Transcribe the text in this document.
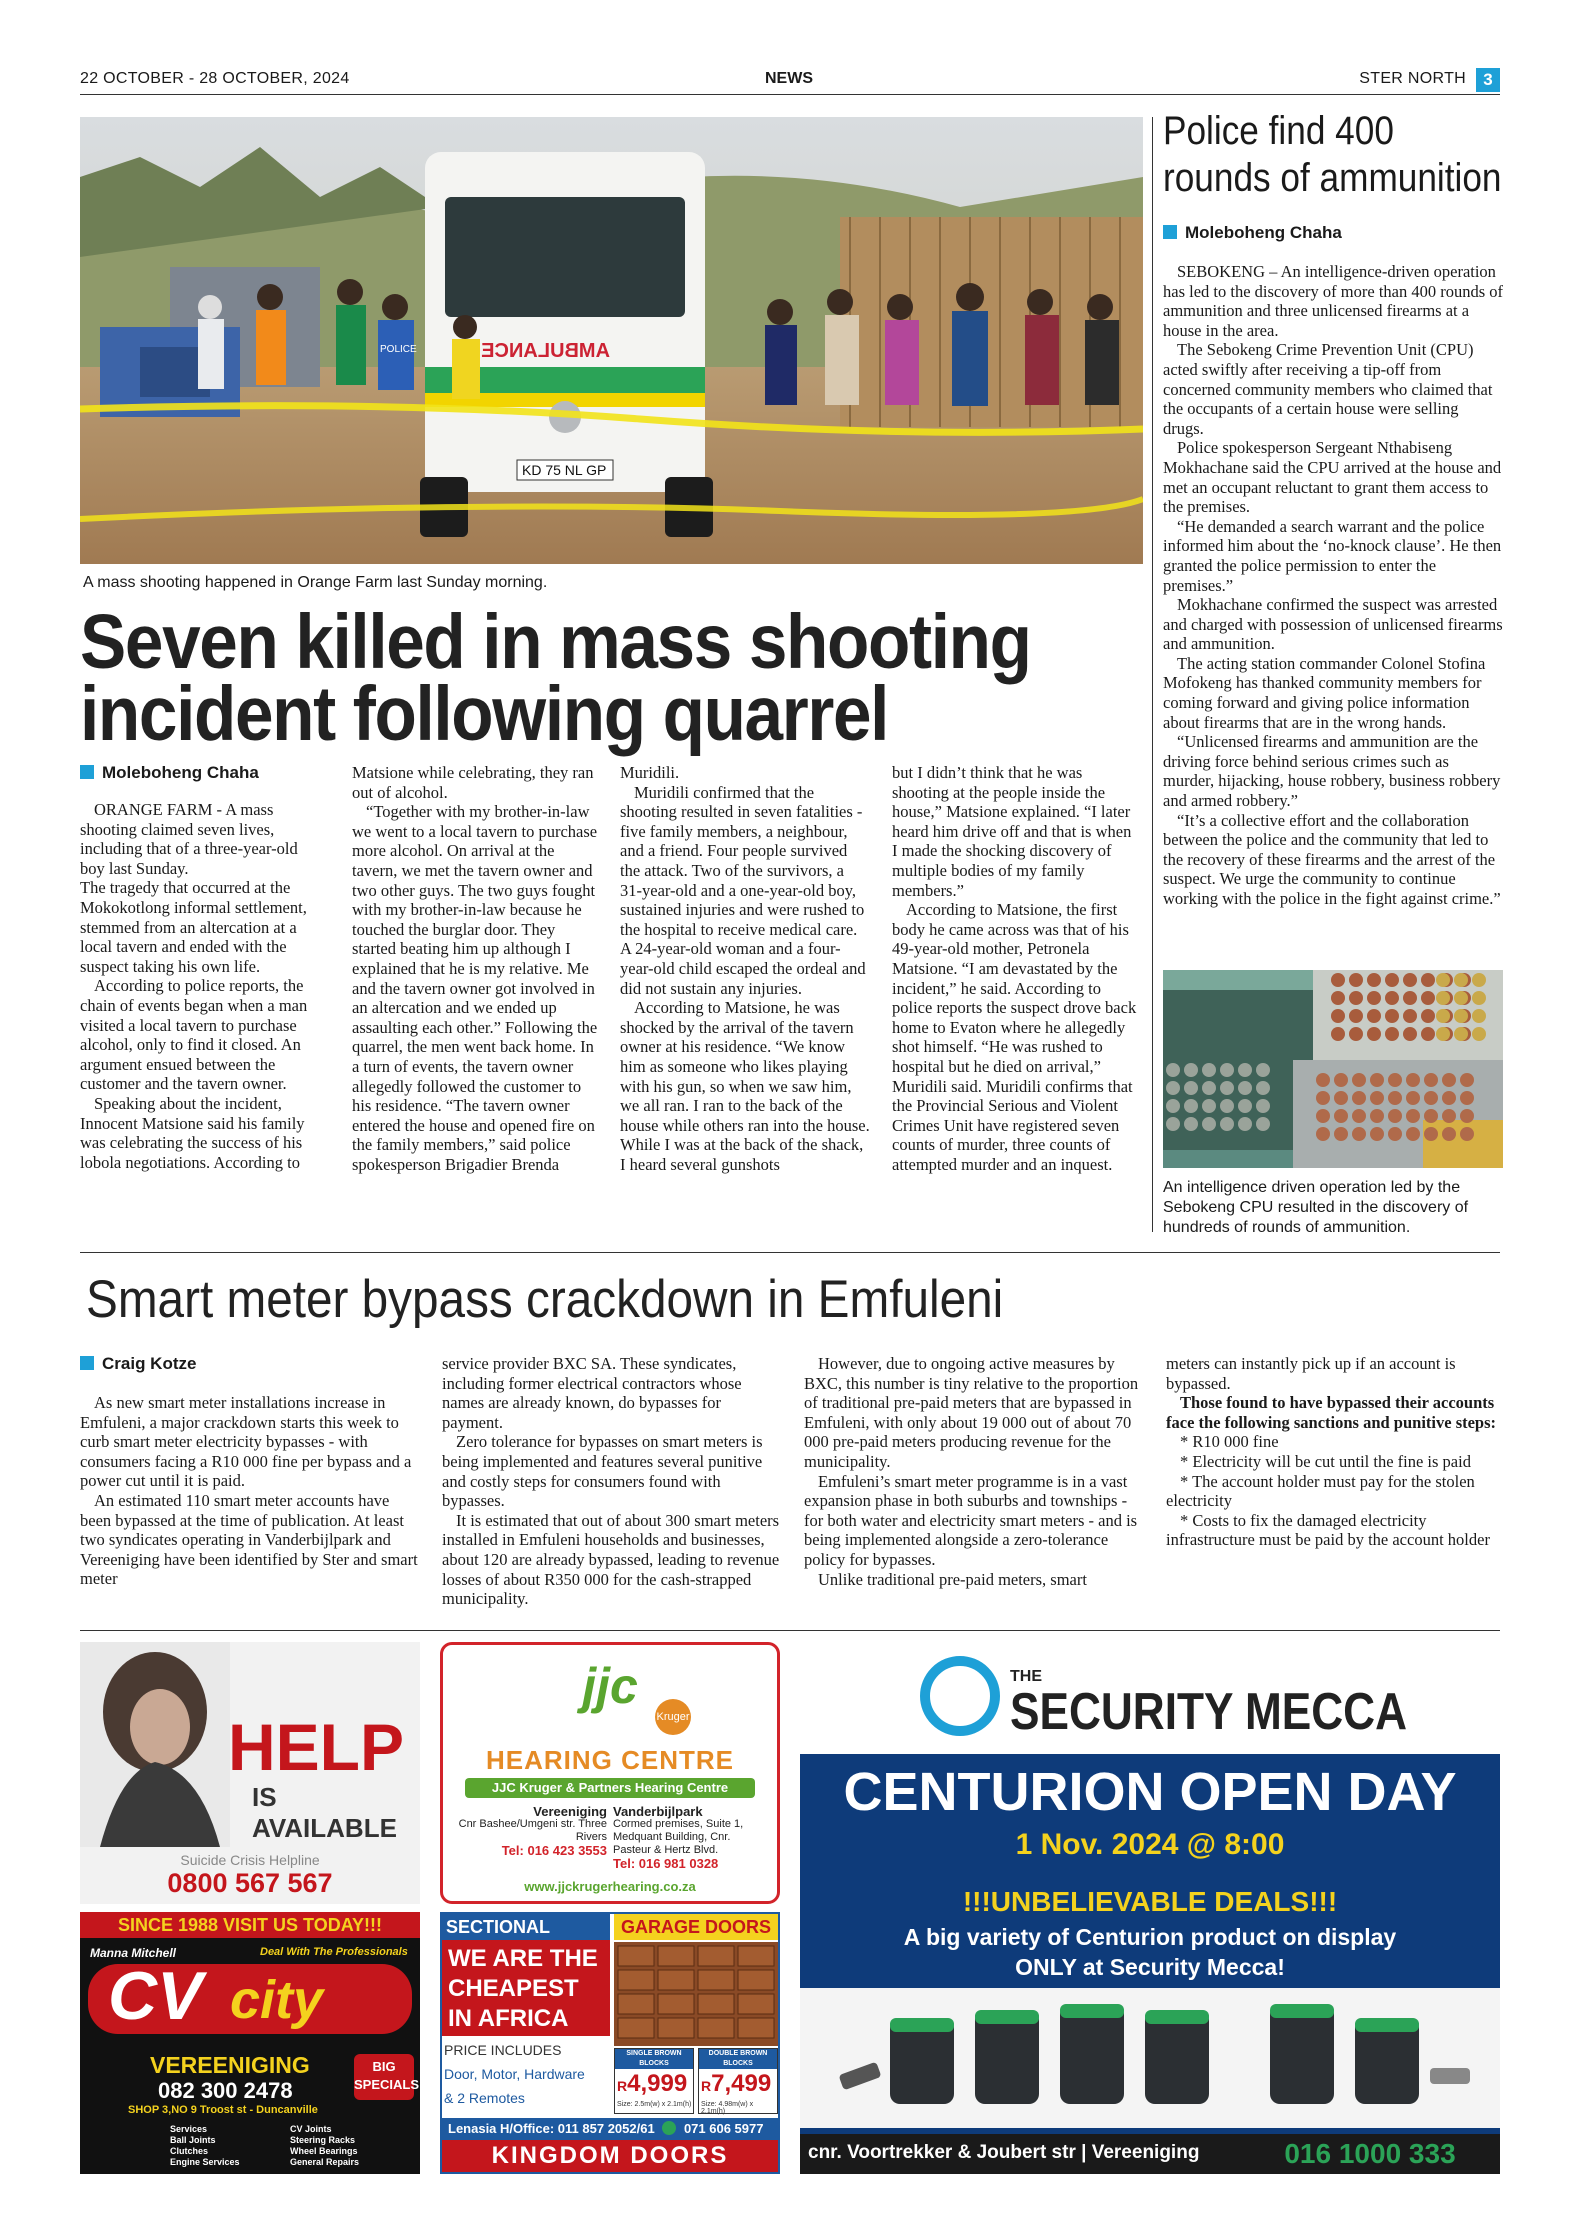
22 OCTOBER - 28 OCTOBER, 2024	NEWS	STER NORTH	3
AMBULANCE
KD 75 NL GP
POLICE
A mass shooting happened in Orange Farm last Sunday morning.
Seven killed in mass shooting
incident following quarrel
Moleboheng Chaha

ORANGE FARM - A mass shooting claimed seven lives, including that of a three-year-old boy last Sunday.

The tragedy that occurred at the Mokokotlong informal settlement, stemmed from an altercation at a local tavern and ended with the suspect taking his own life.

According to police reports, the chain of events began when a man visited a local tavern to purchase alcohol, only to find it closed. An argument ensued between the customer and the tavern owner.

Speaking about the incident, Innocent Matsione said his family was celebrating the success of his lobola negotiations. According to

Matsione while celebrating, they ran out of alcohol.

“Together with my brother-in-law we went to a local tavern to purchase more alcohol. On arrival at the tavern, we met the tavern owner and two other guys. The two guys fought with my brother-in-law because he touched the burglar door. They started beating him up although I explained that he is my relative. Me and the tavern owner got involved in an altercation and we ended up assaulting each other.” Following the quarrel, the men went back home. In a turn of events, the tavern owner allegedly followed the customer to his residence. “The tavern owner entered the house and opened fire on the family members,” said police spokesperson Brigadier Brenda

Muridili.

Muridili confirmed that the shooting resulted in seven fatalities - five family members, a neighbour, and a friend. Four people survived the attack. Two of the survivors, a 31-year-old and a one-year-old boy, sustained injuries and were rushed to the hospital to receive medical care. A 24-year-old woman and a four-year-old child escaped the ordeal and did not sustain any injuries.

According to Matsione, he was shocked by the arrival of the tavern owner at his residence. “We know him as someone who likes playing with his gun, so when we saw him, we all ran. I ran to the back of the house while others ran into the house. While I was at the back of the shack, I heard several gunshots

but I didn’t think that he was shooting at the people inside the house,” Matsione explained. “I later heard him drive off and that is when I made the shocking discovery of multiple bodies of my family members.”

According to Matsione, the first body he came across was that of his 49-year-old mother, Petronela Matsione. “I am devastated by the incident,” he said. According to police reports the suspect drove back home to Evaton where he allegedly shot himself. “He was rushed to hospital but he died on arrival,” Muridili said. Muridili confirms that the Provincial Serious and Violent Crimes Unit have registered seven counts of murder, three counts of attempted murder and an inquest.

Police find 400
rounds of ammunition
Moleboheng Chaha

SEBOKENG – An intelligence-driven operation has led to the discovery of more than 400 rounds of ammunition and three unlicensed firearms at a house in the area.

The Sebokeng Crime Prevention Unit (CPU) acted swiftly after receiving a tip-off from concerned community members who claimed that the occupants of a certain house were selling drugs.

Police spokesperson Sergeant Nthabiseng Mokhachane said the CPU arrived at the house and met an occupant reluctant to grant them access to the premises.

“He demanded a search warrant and the police informed him about the ‘no-knock clause’. He then granted the police permission to enter the premises.”

Mokhachane confirmed the suspect was arrested and charged with possession of unlicensed firearms and ammunition.

The acting station commander Colonel Stofina Mofokeng has thanked community members for coming forward and giving police information about firearms that are in the wrong hands.

“Unlicensed firearms and ammunition are the driving force behind serious crimes such as murder, hijacking, house robbery, business robbery and armed robbery.”

“It’s a collective effort and the collaboration between the police and the community that led to the recovery of these firearms and the arrest of the suspect. We urge the community to continue working with the police in the fight against crime.”

An intelligence driven operation led by the Sebokeng CPU resulted in the discovery of hundreds of rounds of ammunition.
Smart meter bypass crackdown in Emfuleni
Craig Kotze

As new smart meter installations increase in Emfuleni, a major crackdown starts this week to curb smart meter electricity bypasses - with consumers facing a R10 000 fine per bypass and a power cut until it is paid.

An estimated 110 smart meter accounts have been bypassed at the time of publication. At least two syndicates operating in Vanderbijlpark and Vereeniging have been identified by Ster and smart meter

service provider BXC SA. These syndicates, including former electrical contractors whose names are already known, do bypasses for payment.

Zero tolerance for bypasses on smart meters is being implemented and features several punitive and costly steps for consumers found with bypasses.

It is estimated that out of about 300 smart meters installed in Emfuleni households and businesses, about 120 are already bypassed, leading to revenue losses of about R350 000 for the cash-strapped municipality.

However, due to ongoing active measures by BXC, this number is tiny relative to the proportion of traditional pre-paid meters that are bypassed in Emfuleni, with only about 19 000 out of about 70 000 pre-paid meters producing revenue for the municipality.

Emfuleni’s smart meter programme is in a vast expansion phase in both suburbs and townships - for both water and electricity smart meters - and is being implemented alongside a zero-tolerance policy for bypasses.

Unlike traditional pre-paid meters, smart

meters can instantly pick up if an account is bypassed.

Those found to have bypassed their accounts face the following sanctions and punitive steps:

* R10 000 fine

* Electricity will be cut until the fine is paid

* The account holder must pay for the stolen electricity

* Costs to fix the damaged electricity infrastructure must be paid by the account holder

HELP
IS AVAILABLE
Suicide Crisis Helpline
0800 567 567
jjc
Kruger
HEARING CENTRE
JJC Kruger & Partners Hearing Centre
Vereeniging
Cnr Bashee/Umgeni str. Three Rivers
Tel: 016 423 3553
Vanderbijlpark
Cormed premises, Suite 1, Medquant Building, Cnr. Pasteur & Hertz Blvd.
Tel: 016 981 0328
www.jjckrugerhearing.co.za
SINCE 1988 VISIT US TODAY!!!
Manna Mitchell	Deal With The Professionals
CV city
VEREENIGING
082 300 2478
SHOP 3,NO 9 Troost st - Duncanville
BIG
SPECIALS
Services	CV Joints
Ball Joints	Steering Racks
Clutches	Wheel Bearings
Engine Services	General Repairs
SECTIONAL
WE ARE THE
CHEAPEST
IN AFRICA
GARAGE DOORS
PRICE INCLUDES
Door, Motor, Hardware
& 2 Remotes
SINGLE BROWN BLOCKS
R4,999
Size: 2.5m(w) x 2.1m(h)
DOUBLE BROWN BLOCKS
R7,499
Size: 4.98m(w) x 2.1m(h)
Lenasia H/Office: 011 857 2052/61 071 606 5977
KINGDOM DOORS
THE
SECURITY MECCA
CENTURION OPEN DAY
1 Nov. 2024 @ 8:00
!!!UNBELIEVABLE DEALS!!!
A big variety of Centurion product on display
ONLY at Security Mecca!
cnr. Voortrekker & Joubert str | Vereeniging	016 1000 333
